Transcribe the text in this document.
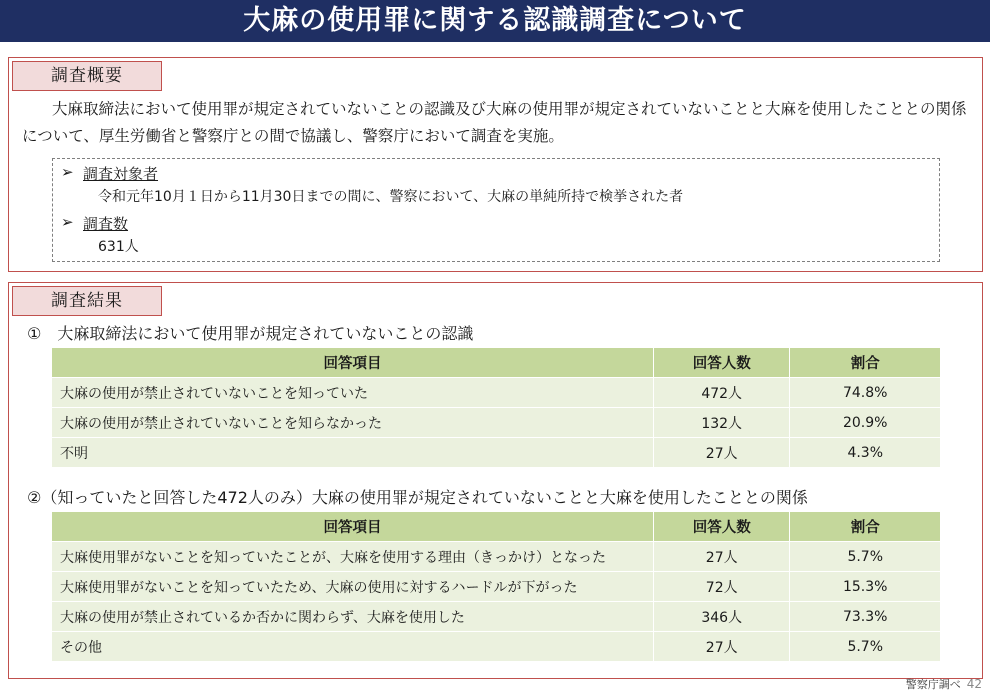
大麻の使用罪に関する認識調査について
調査概要
大麻取締法において使用罪が規定されていないことの認識及び大麻の使用罪が規定されていないことと大麻を使用したこととの関係について、厚生労働省と警察庁との間で協議し、警察庁において調査を実施。
➢ 調査対象者
令和元年10月１日から11月30日までの間に、警察において、大麻の単純所持で検挙された者
➢ 調査数
631人
調査結果
①　大麻取締法において使用罪が規定されていないことの認識
回答項目	回答人数	割合
大麻の使用が禁止されていないことを知っていた	472人	74.8%
大麻の使用が禁止されていないことを知らなかった	132人	20.9%
不明	27人	4.3%
②（知っていたと回答した472人のみ）大麻の使用罪が規定されていないことと大麻を使用したこととの関係
回答項目	回答人数	割合
大麻使用罪がないことを知っていたことが、大麻を使用する理由（きっかけ）となった	27人	5.7%
大麻使用罪がないことを知っていたため、大麻の使用に対するハードルが下がった	72人	15.3%
大麻の使用が禁止されているか否かに関わらず、大麻を使用した	346人	73.3%
その他	27人	5.7%
警察庁調べ 42
